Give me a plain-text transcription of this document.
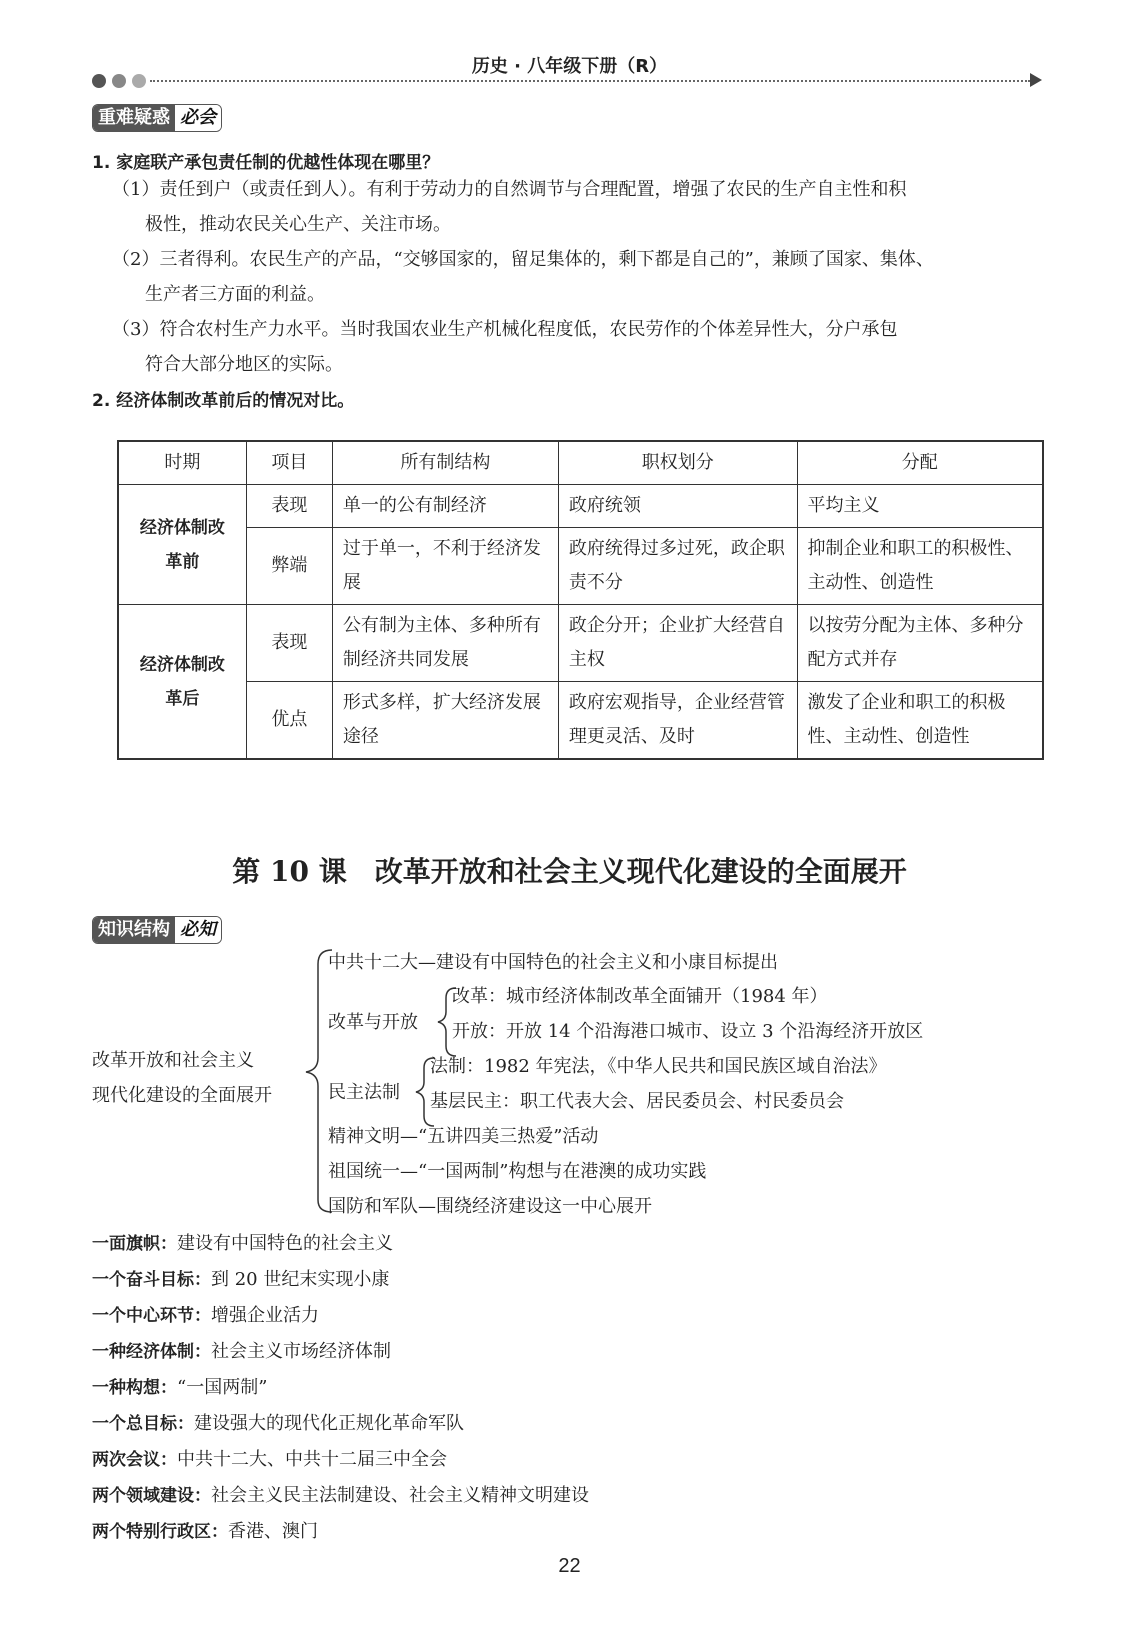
历史 · 八年级下册（R）
重难疑惑 必会
1. 家庭联产承包责任制的优越性体现在哪里？
（1）责任到户（或责任到人）。有利于劳动力的自然调节与合理配置，增强了农民的生产自主性和积
极性，推动农民关心生产、关注市场。
（2）三者得利。农民生产的产品，“交够国家的，留足集体的，剩下都是自己的”，兼顾了国家、集体、
生产者三方面的利益。
（3）符合农村生产力水平。当时我国农业生产机械化程度低，农民劳作的个体差异性大，分户承包
符合大部分地区的实际。
2. 经济体制改革前后的情况对比。
时期	项目	所有制结构	职权划分	分配
经济体制改革前	表现	单一的公有制经济	政府统领	平均主义
	弊端	过于单一，不利于经济发展	政府统得过多过死，政企职责不分	抑制企业和职工的积极性、主动性、创造性
经济体制改革后	表现	公有制为主体、多种所有制经济共同发展	政企分开；企业扩大经营自主权	以按劳分配为主体、多种分配方式并存
	优点	形式多样，扩大经济发展途径	政府宏观指导，企业经营管理更灵活、及时	激发了企业和职工的积极性、主动性、创造性
第 10 课　改革开放和社会主义现代化建设的全面展开
知识结构 必知
改革开放和社会主义
现代化建设的全面展开
中共十二大—建设有中国特色的社会主义和小康目标提出
改革与开放
改革：城市经济体制改革全面铺开（1984 年）
开放：开放 14 个沿海港口城市、设立 3 个沿海经济开放区
民主法制
法制：1982 年宪法，《中华人民共和国民族区域自治法》
基层民主：职工代表大会、居民委员会、村民委员会
精神文明—“五讲四美三热爱”活动
祖国统一—“一国两制”构想与在港澳的成功实践
国防和军队—围绕经济建设这一中心展开
一面旗帜：建设有中国特色的社会主义
一个奋斗目标：到 20 世纪末实现小康
一个中心环节：增强企业活力
一种经济体制：社会主义市场经济体制
一种构想：“一国两制”
一个总目标：建设强大的现代化正规化革命军队
两次会议：中共十二大、中共十二届三中全会
两个领域建设：社会主义民主法制建设、社会主义精神文明建设
两个特别行政区：香港、澳门
22
